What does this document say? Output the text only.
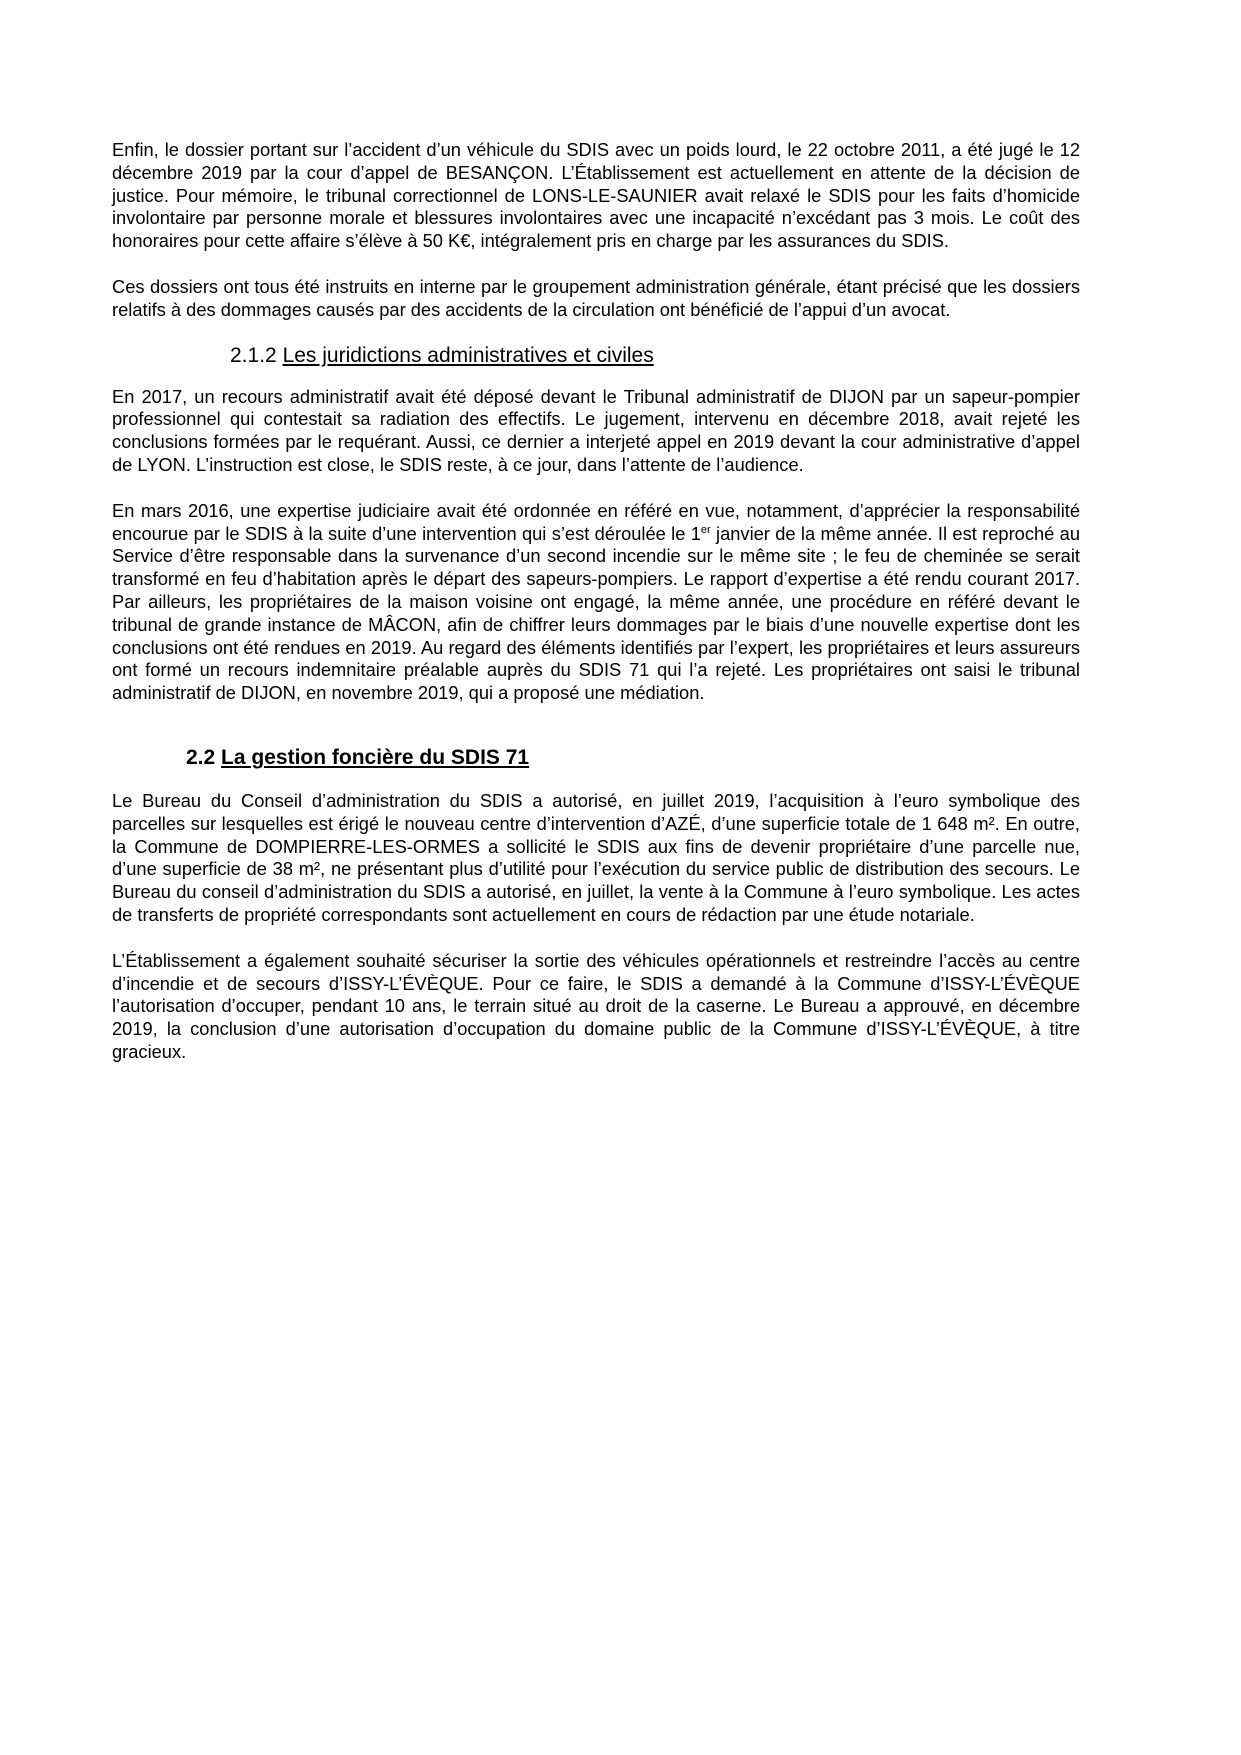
Enfin, le dossier portant sur l’accident d’un véhicule du SDIS avec un poids lourd, le 22 octobre 2011, a été jugé le 12 décembre 2019 par la cour d’appel de BESANÇON. L’Établissement est actuellement en attente de la décision de justice. Pour mémoire, le tribunal correctionnel de LONS-LE-SAUNIER avait relaxé le SDIS pour les faits d’homicide involontaire par personne morale et blessures involontaires avec une incapacité n’excédant pas 3 mois. Le coût des honoraires pour cette affaire s’élève à 50 K€, intégralement pris en charge par les assurances du SDIS.

Ces dossiers ont tous été instruits en interne par le groupement administration générale, étant précisé que les dossiers relatifs à des dommages causés par des accidents de la circulation ont bénéficié de l’appui d’un avocat.

2.1.2 Les juridictions administratives et civiles

En 2017, un recours administratif avait été déposé devant le Tribunal administratif de DIJON par un sapeur-pompier professionnel qui contestait sa radiation des effectifs. Le jugement, intervenu en décembre 2018, avait rejeté les conclusions formées par le requérant. Aussi, ce dernier a interjeté appel en 2019 devant la cour administrative d’appel de LYON. L’instruction est close, le SDIS reste, à ce jour, dans l’attente de l’audience.

En mars 2016, une expertise judiciaire avait été ordonnée en référé en vue, notamment, d’apprécier la responsabilité encourue par le SDIS à la suite d’une intervention qui s’est déroulée le 1er janvier de la même année. Il est reproché au Service d’être responsable dans la survenance d’un second incendie sur le même site ; le feu de cheminée se serait transformé en feu d’habitation après le départ des sapeurs-pompiers. Le rapport d’expertise a été rendu courant 2017. Par ailleurs, les propriétaires de la maison voisine ont engagé, la même année, une procédure en référé devant le tribunal de grande instance de MÂCON, afin de chiffrer leurs dommages par le biais d’une nouvelle expertise dont les conclusions ont été rendues en 2019. Au regard des éléments identifiés par l’expert, les propriétaires et leurs assureurs ont formé un recours indemnitaire préalable auprès du SDIS 71 qui l’a rejeté. Les propriétaires ont saisi le tribunal administratif de DIJON, en novembre 2019, qui a proposé une médiation.

2.2 La gestion foncière du SDIS 71

Le Bureau du Conseil d’administration du SDIS a autorisé, en juillet 2019, l’acquisition à l’euro symbolique des parcelles sur lesquelles est érigé le nouveau centre d’intervention d’AZÉ, d’une superficie totale de 1 648 m². En outre, la Commune de DOMPIERRE-LES-ORMES a sollicité le SDIS aux fins de devenir propriétaire d’une parcelle nue, d’une superficie de 38 m², ne présentant plus d’utilité pour l’exécution du service public de distribution des secours. Le Bureau du conseil d’administration du SDIS a autorisé, en juillet, la vente à la Commune à l’euro symbolique. Les actes de transferts de propriété correspondants sont actuellement en cours de rédaction par une étude notariale.

L’Établissement a également souhaité sécuriser la sortie des véhicules opérationnels et restreindre l’accès au centre d’incendie et de secours d’ISSY-L’ÉVÈQUE. Pour ce faire, le SDIS a demandé à la Commune d’ISSY-L’ÉVÈQUE l’autorisation d’occuper, pendant 10 ans, le terrain situé au droit de la caserne. Le Bureau a approuvé, en décembre 2019, la conclusion d’une autorisation d’occupation du domaine public de la Commune d’ISSY-L’ÉVÈQUE, à titre gracieux.
